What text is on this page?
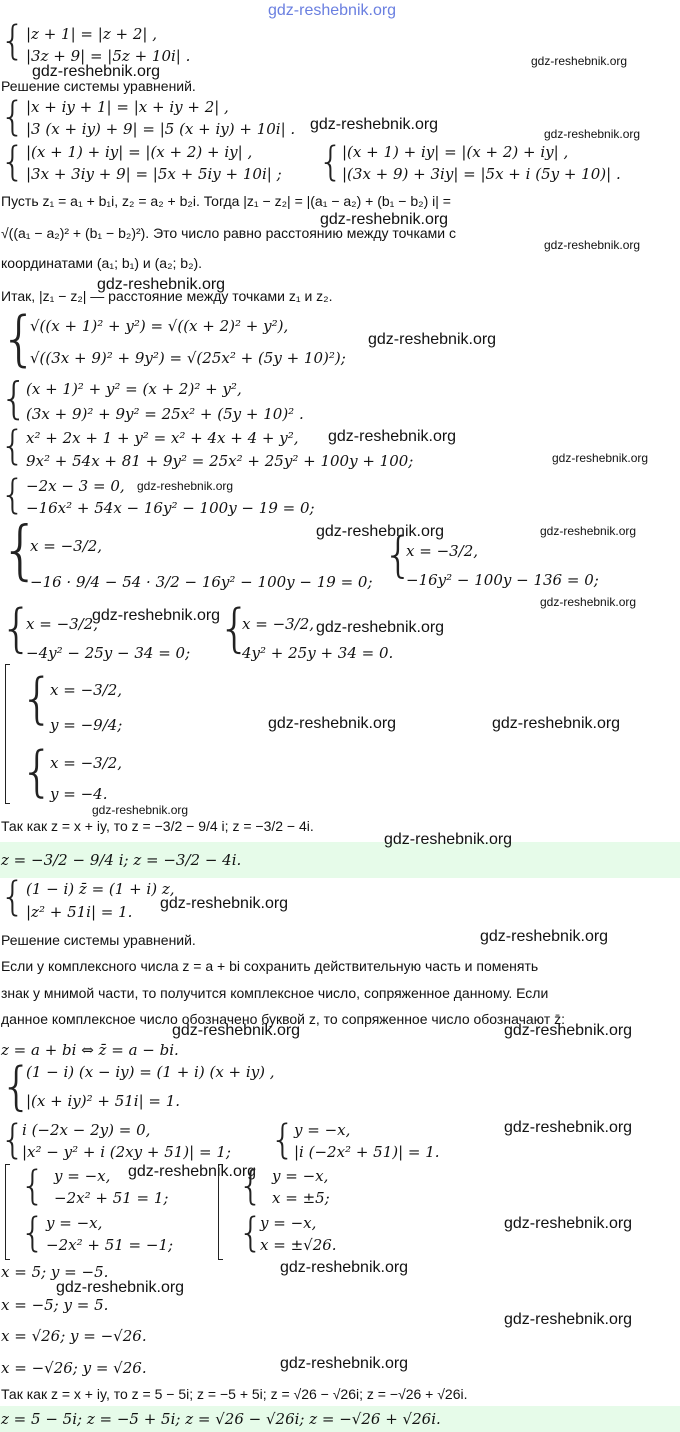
gdz-reshebnik.org
gdz-reshebnik.org
gdz-reshebnik.org
gdz-reshebnik.org
gdz-reshebnik.org
gdz-reshebnik.org
gdz-reshebnik.org
gdz-reshebnik.org
gdz-reshebnik.org
gdz-reshebnik.org
gdz-reshebnik.org
gdz-reshebnik.org
gdz-reshebnik.org	gdz-reshebnik.org
gdz-reshebnik.org
gdz-reshebnik.org
gdz-reshebnik.org
gdz-reshebnik.org	gdz-reshebnik.org
gdz-reshebnik.org
gdz-reshebnik.org
gdz-reshebnik.org
gdz-reshebnik.org
gdz-reshebnik.org	gdz-reshebnik.org
gdz-reshebnik.org
gdz-reshebnik.org
gdz-reshebnik.org
gdz-reshebnik.org
gdz-reshebnik.org
gdz-reshebnik.org
gdz-reshebnik.org
{
{
{	{
{
{
{
{
{	{
{	{
{
{
{
{
{	{
{
{
{
{
|z + 1| = |z + 2| ,
|3z + 9| = |5z + 10i| .
Решение системы уравнений.
|x + iy + 1| = |x + iy + 2| ,
|3 (x + iy) + 9| = |5 (x + iy) + 10i| .
|(x + 1) + iy| = |(x + 2) + iy| ,
|3x + 3iy + 9| = |5x + 5iy + 10i| ;
|(x + 1) + iy| = |(x + 2) + iy| ,
|(3x + 9) + 3iy| = |5x + i (5y + 10)| .
Пусть z₁ = a₁ + b₁i, z₂ = a₂ + b₂i. Тогда |z₁ − z₂| = |(a₁ − a₂) + (b₁ − b₂) i| =
√((a₁ − a₂)² + (b₁ − b₂)²). Это число равно расстоянию между точками с
координатами (a₁; b₁) и (a₂; b₂).
Итак, |z₁ − z₂| — расстояние между точками z₁ и z₂.
√((x + 1)² + y²) = √((x + 2)² + y²),
√((3x + 9)² + 9y²) = √(25x² + (5y + 10)²);
(x + 1)² + y² = (x + 2)² + y²,
(3x + 9)² + 9y² = 25x² + (5y + 10)² .
x² + 2x + 1 + y² = x² + 4x + 4 + y²,
9x² + 54x + 81 + 9y² = 25x² + 25y² + 100y + 100;
−2x − 3 = 0,
−16x² + 54x − 16y² − 100y − 19 = 0;
x = −3/2,
−16 · 9/4 − 54 · 3/2 − 16y² − 100y − 19 = 0;
x = −3/2,
−16y² − 100y − 136 = 0;
x = −3/2,
−4y² − 25y − 34 = 0;
x = −3/2,
4y² + 25y + 34 = 0.
x = −3/2,
y = −9/4;
x = −3/2,
y = −4.
Так как z = x + iy, то z = −3/2 − 9/4 i; z = −3/2 − 4i.
z = −3/2 − 9/4 i; z = −3/2 − 4i.
(1 − i) z̄ = (1 + i) z,
|z² + 51i| = 1.
Решение системы уравнений.
Если у комплексного числа z = a + bi сохранить действительную часть и поменять
знак у мнимой части, то получится комплексное число, сопряженное данному. Если
данное комплексное число обозначено буквой z, то сопряженное число обозначают z̄:
z = a + bi ⇔ z̄ = a − bi.
(1 − i) (x − iy) = (1 + i) (x + iy) ,
|(x + iy)² + 51i| = 1.
i (−2x − 2y) = 0,
|x² − y² + i (2xy + 51)| = 1;
y = −x,
|i (−2x² + 51)| = 1.
y = −x,
−2x² + 51 = 1;
y = −x,
−2x² + 51 = −1;
y = −x,
x = ±5;
y = −x,
x = ±√26.
x = 5; y = −5.
x = −5; y = 5.
x = √26; y = −√26.
x = −√26; y = √26.
Так как z = x + iy, то z = 5 − 5i; z = −5 + 5i; z = √26 − √26i; z = −√26 + √26i.
z = 5 − 5i; z = −5 + 5i; z = √26 − √26i; z = −√26 + √26i.
